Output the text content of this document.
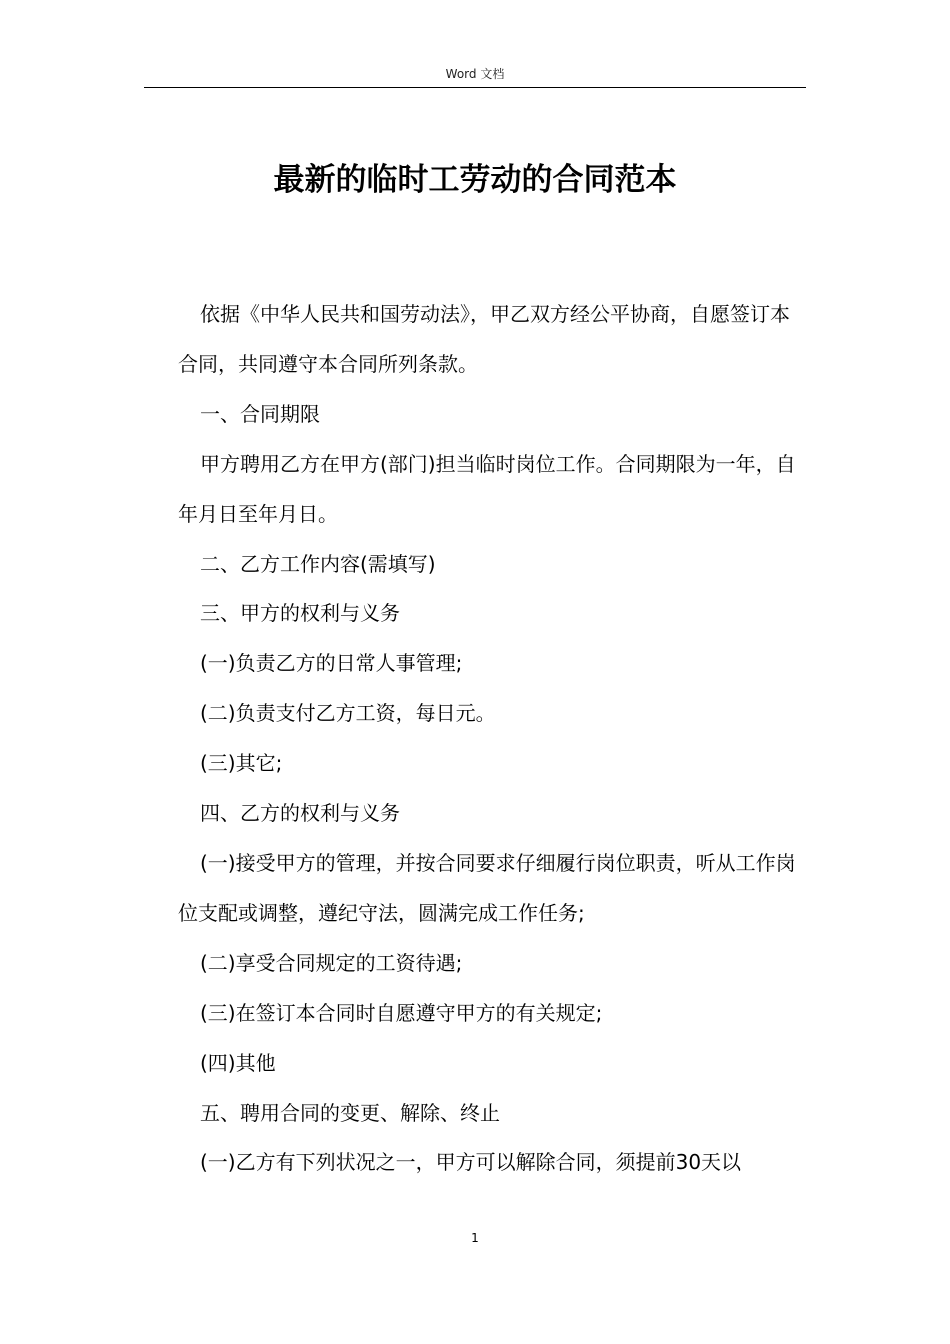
Word 文档
最新的临时工劳动的合同范本

依据《中华人民共和国劳动法》，甲乙双方经公平协商，自愿签订本合同，共同遵守本合同所列条款。

一、合同期限

甲方聘用乙方在甲方(部门)担当临时岗位工作。合同期限为一年，自年月日至年月日。

二、乙方工作内容(需填写)

三、甲方的权利与义务

(一)负责乙方的日常人事管理;

(二)负责支付乙方工资，每日元。

(三)其它;

四、乙方的权利与义务

(一)接受甲方的管理，并按合同要求仔细履行岗位职责，听从工作岗位支配或调整，遵纪守法，圆满完成工作任务;

(二)享受合同规定的工资待遇;

(三)在签订本合同时自愿遵守甲方的有关规定;

(四)其他

五、聘用合同的变更、解除、终止

(一)乙方有下列状况之一，甲方可以解除合同，须提前30天以

1
